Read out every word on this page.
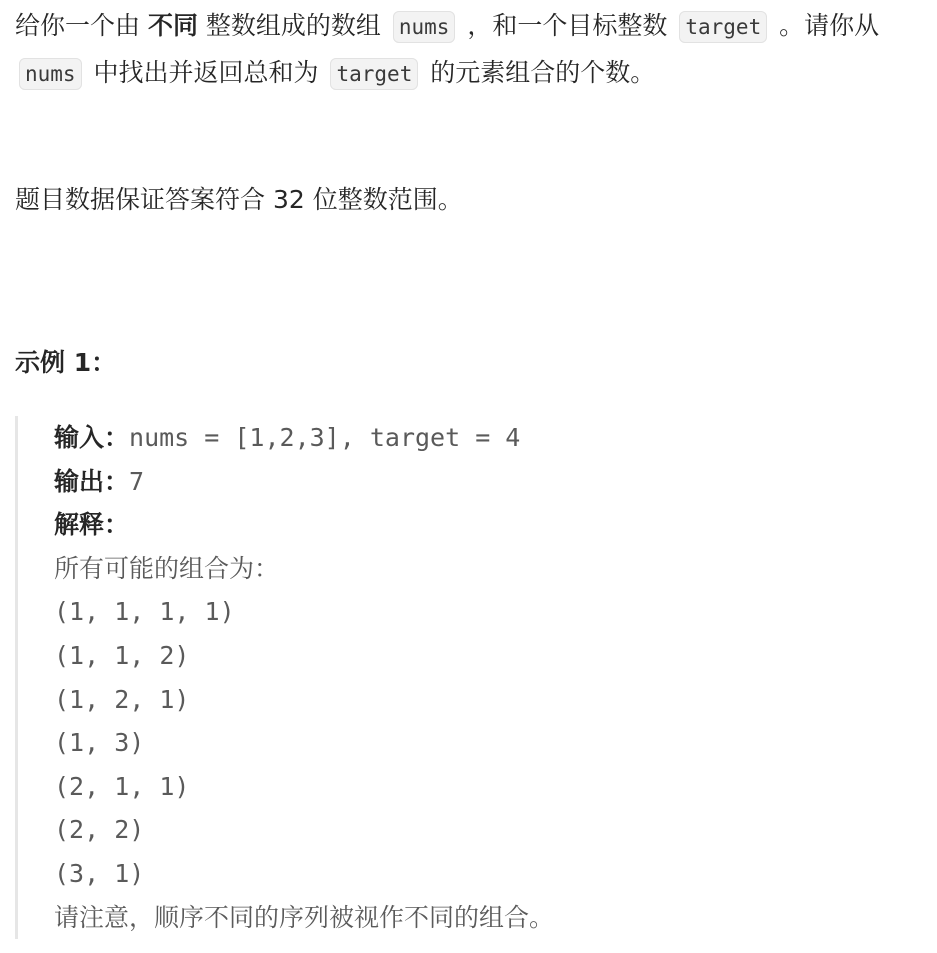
给你一个由 不同 整数组成的数组 nums ，和一个目标整数 target 。请你从 nums 中找出并返回总和为 target 的元素组合的个数。

题目数据保证答案符合 32 位整数范围。

示例 1：

输入：nums = [1,2,3], target = 4
输出：7
解释：
所有可能的组合为：
(1, 1, 1, 1)
(1, 1, 2)
(1, 2, 1)
(1, 3)
(2, 1, 1)
(2, 2)
(3, 1)
请注意，顺序不同的序列被视作不同的组合。
